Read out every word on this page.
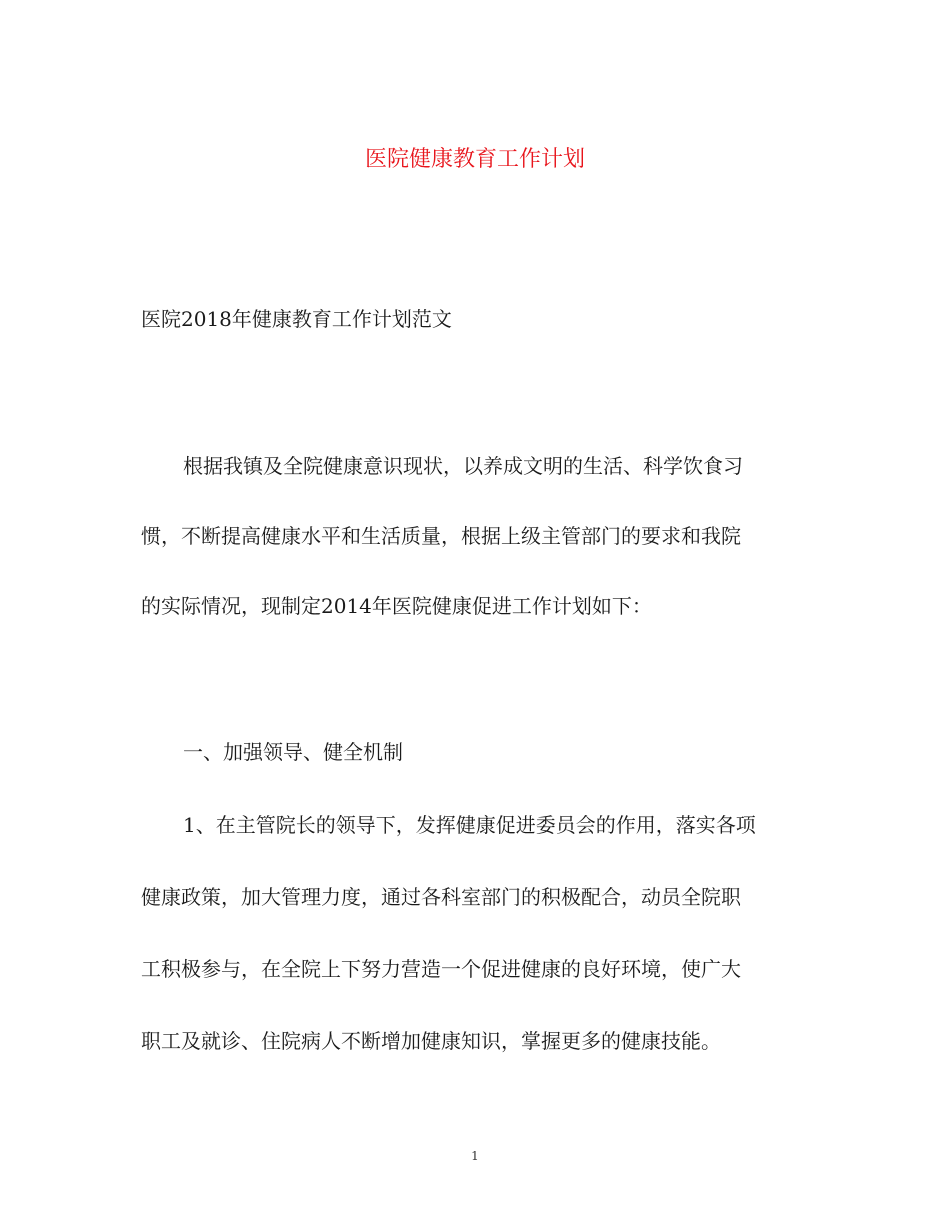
医院健康教育工作计划

医院2018年健康教育工作计划范文

根据我镇及全院健康意识现状，以养成文明的生活、科学饮食习

惯，不断提高健康水平和生活质量，根据上级主管部门的要求和我院

的实际情况，现制定2014年医院健康促进工作计划如下：

一、加强领导、健全机制

1、在主管院长的领导下，发挥健康促进委员会的作用，落实各项

健康政策，加大管理力度，通过各科室部门的积极配合，动员全院职

工积极参与，在全院上下努力营造一个促进健康的良好环境，使广大

职工及就诊、住院病人不断增加健康知识，掌握更多的健康技能。

1
